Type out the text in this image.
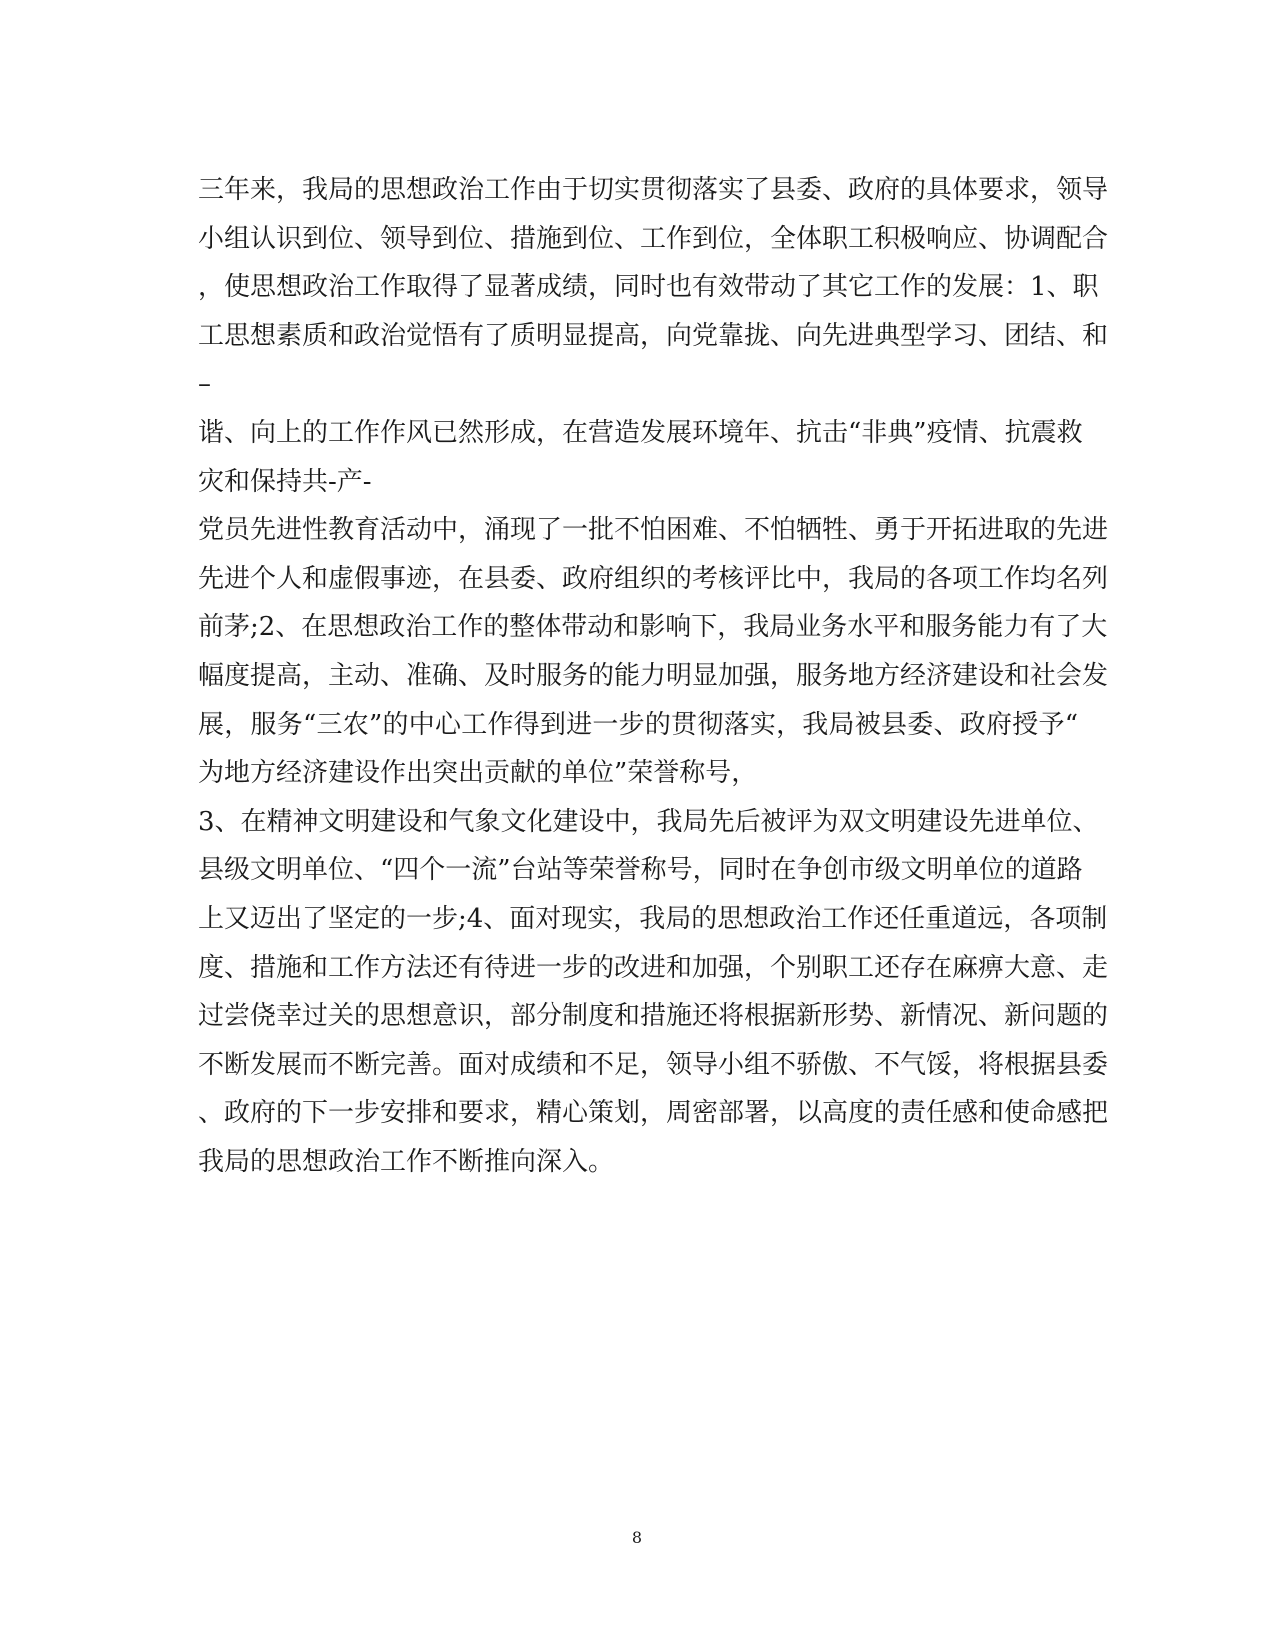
三年来，我局的思想政治工作由于切实贯彻落实了县委、政府的具体要求，领导
小组认识到位、领导到位、措施到位、工作到位，全体职工积极响应、协调配合
，使思想政治工作取得了显著成绩，同时也有效带动了其它工作的发展：1、职
工思想素质和政治觉悟有了质明显提高，向党靠拢、向先进典型学习、团结、和
–
谐、向上的工作作风已然形成，在营造发展环境年、抗击“非典”疫情、抗震救
灾和保持共-产-
党员先进性教育活动中，涌现了一批不怕困难、不怕牺牲、勇于开拓进取的先进
先进个人和虚假事迹，在县委、政府组织的考核评比中，我局的各项工作均名列
前茅;2、在思想政治工作的整体带动和影响下，我局业务水平和服务能力有了大
幅度提高，主动、准确、及时服务的能力明显加强，服务地方经济建设和社会发
展，服务“三农”的中心工作得到进一步的贯彻落实，我局被县委、政府授予“
为地方经济建设作出突出贡献的单位”荣誉称号，
3、在精神文明建设和气象文化建设中，我局先后被评为双文明建设先进单位、
县级文明单位、“四个一流”台站等荣誉称号，同时在争创市级文明单位的道路
上又迈出了坚定的一步;4、面对现实，我局的思想政治工作还任重道远，各项制
度、措施和工作方法还有待进一步的改进和加强，个别职工还存在麻痹大意、走
过尝侥幸过关的思想意识，部分制度和措施还将根据新形势、新情况、新问题的
不断发展而不断完善。面对成绩和不足，领导小组不骄傲、不气馁，将根据县委
、政府的下一步安排和要求，精心策划，周密部署，以高度的责任感和使命感把
我局的思想政治工作不断推向深入。
8
